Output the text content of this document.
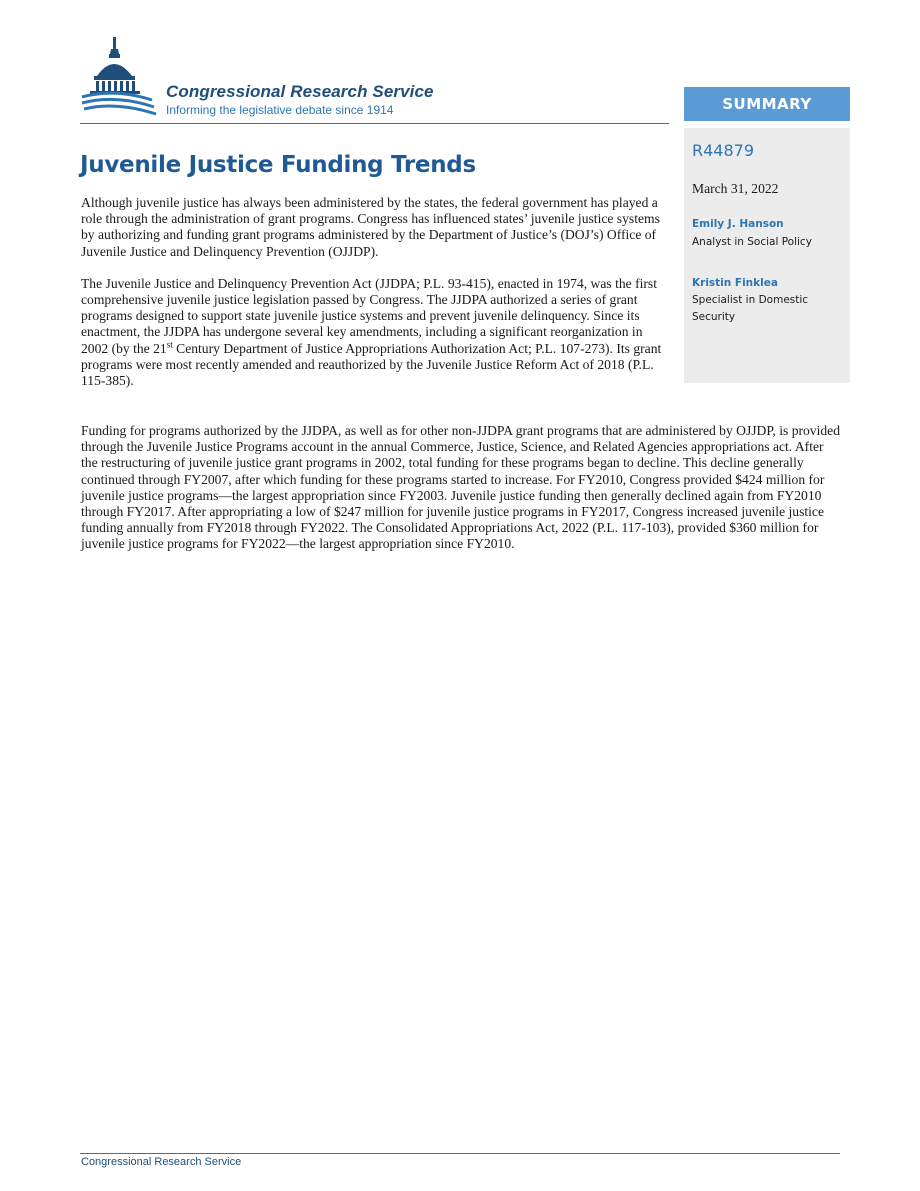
Congressional Research Service
Informing the legislative debate since 1914
Juvenile Justice Funding Trends

Although juvenile justice has always been administered by the states, the federal government has played a role through the administration of grant programs. Congress has influenced states’ juvenile justice systems by authorizing and funding grant programs administered by the Department of Justice’s (DOJ’s) Office of Juvenile Justice and Delinquency Prevention (OJJDP).

The Juvenile Justice and Delinquency Prevention Act (JJDPA; P.L. 93-415), enacted in 1974, was the first comprehensive juvenile justice legislation passed by Congress. The JJDPA authorized a series of grant programs designed to support state juvenile justice systems and prevent juvenile delinquency. Since its enactment, the JJDPA has undergone several key amendments, including a significant reorganization in 2002 (by the 21st Century Department of Justice Appropriations Authorization Act; P.L. 107-273). Its grant programs were most recently amended and reauthorized by the Juvenile Justice Reform Act of 2018 (P.L. 115-385).

Funding for programs authorized by the JJDPA, as well as for other non-JJDPA grant programs that are administered by OJJDP, is provided through the Juvenile Justice Programs account in the annual Commerce, Justice, Science, and Related Agencies appropriations act. After the restructuring of juvenile justice grant programs in 2002, total funding for these programs began to decline. This decline generally continued through FY2007, after which funding for these programs started to increase. For FY2010, Congress provided $424 million for juvenile justice programs—the largest appropriation since FY2003. Juvenile justice funding then generally declined again from FY2010 through FY2017. After appropriating a low of $247 million for juvenile justice programs in FY2017, Congress increased juvenile justice funding annually from FY2018 through FY2022. The Consolidated Appropriations Act, 2022 (P.L. 117-103), provided $360 million for juvenile justice programs for FY2022—the largest appropriation since FY2010.

SUMMARY
R44879
March 31, 2022
Emily J. Hanson
Analyst in Social Policy
Kristin Finklea
Specialist in Domestic Security
Congressional Research Service
